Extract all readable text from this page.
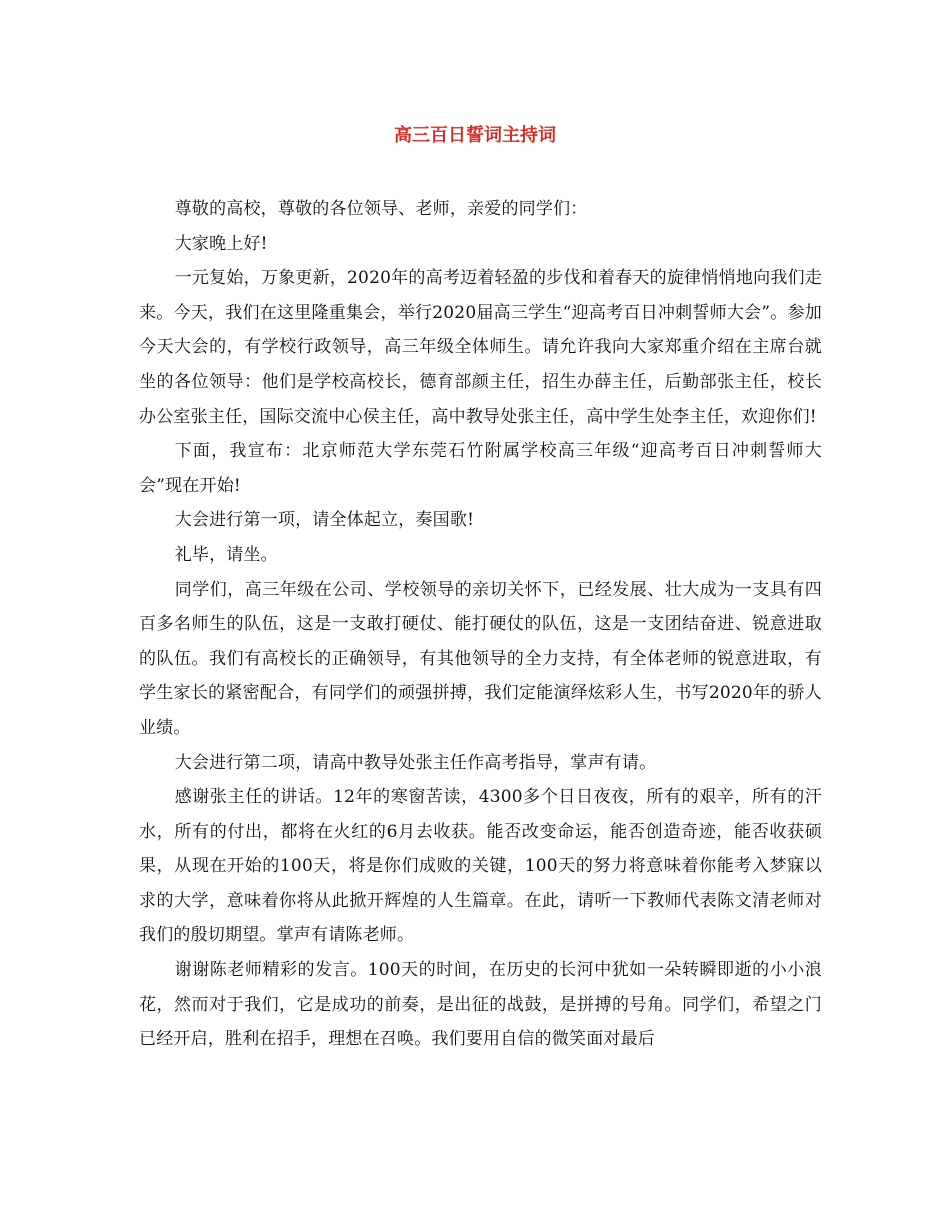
高三百日誓词主持词

尊敬的高校，尊敬的各位领导、老师，亲爱的同学们：

大家晚上好!

一元复始，万象更新，2020年的高考迈着轻盈的步伐和着春天的旋律悄悄地向我们走来。今天，我们在这里隆重集会，举行2020届高三学生“迎高考百日冲刺誓师大会”。参加今天大会的，有学校行政领导，高三年级全体师生。请允许我向大家郑重介绍在主席台就坐的各位领导：他们是学校高校长，德育部颜主任，招生办薛主任，后勤部张主任，校长办公室张主任，国际交流中心侯主任，高中教导处张主任，高中学生处李主任，欢迎你们!

下面，我宣布：北京师范大学东莞石竹附属学校高三年级“迎高考百日冲刺誓师大会”现在开始!

大会进行第一项，请全体起立，奏国歌!

礼毕，请坐。

同学们，高三年级在公司、学校领导的亲切关怀下，已经发展、壮大成为一支具有四百多名师生的队伍，这是一支敢打硬仗、能打硬仗的队伍，这是一支团结奋进、锐意进取的队伍。我们有高校长的正确领导，有其他领导的全力支持，有全体老师的锐意进取，有学生家长的紧密配合，有同学们的顽强拼搏，我们定能演绎炫彩人生，书写2020年的骄人业绩。

大会进行第二项，请高中教导处张主任作高考指导，掌声有请。

感谢张主任的讲话。12年的寒窗苦读，4300多个日日夜夜，所有的艰辛，所有的汗水，所有的付出，都将在火红的6月去收获。能否改变命运，能否创造奇迹，能否收获硕果，从现在开始的100天，将是你们成败的关键，100天的努力将意味着你能考入梦寐以求的大学，意味着你将从此掀开辉煌的人生篇章。在此，请听一下教师代表陈文清老师对我们的殷切期望。掌声有请陈老师。

谢谢陈老师精彩的发言。100天的时间，在历史的长河中犹如一朵转瞬即逝的小小浪花，然而对于我们，它是成功的前奏，是出征的战鼓，是拼搏的号角。同学们，希望之门已经开启，胜利在招手，理想在召唤。我们要用自信的微笑面对最后
